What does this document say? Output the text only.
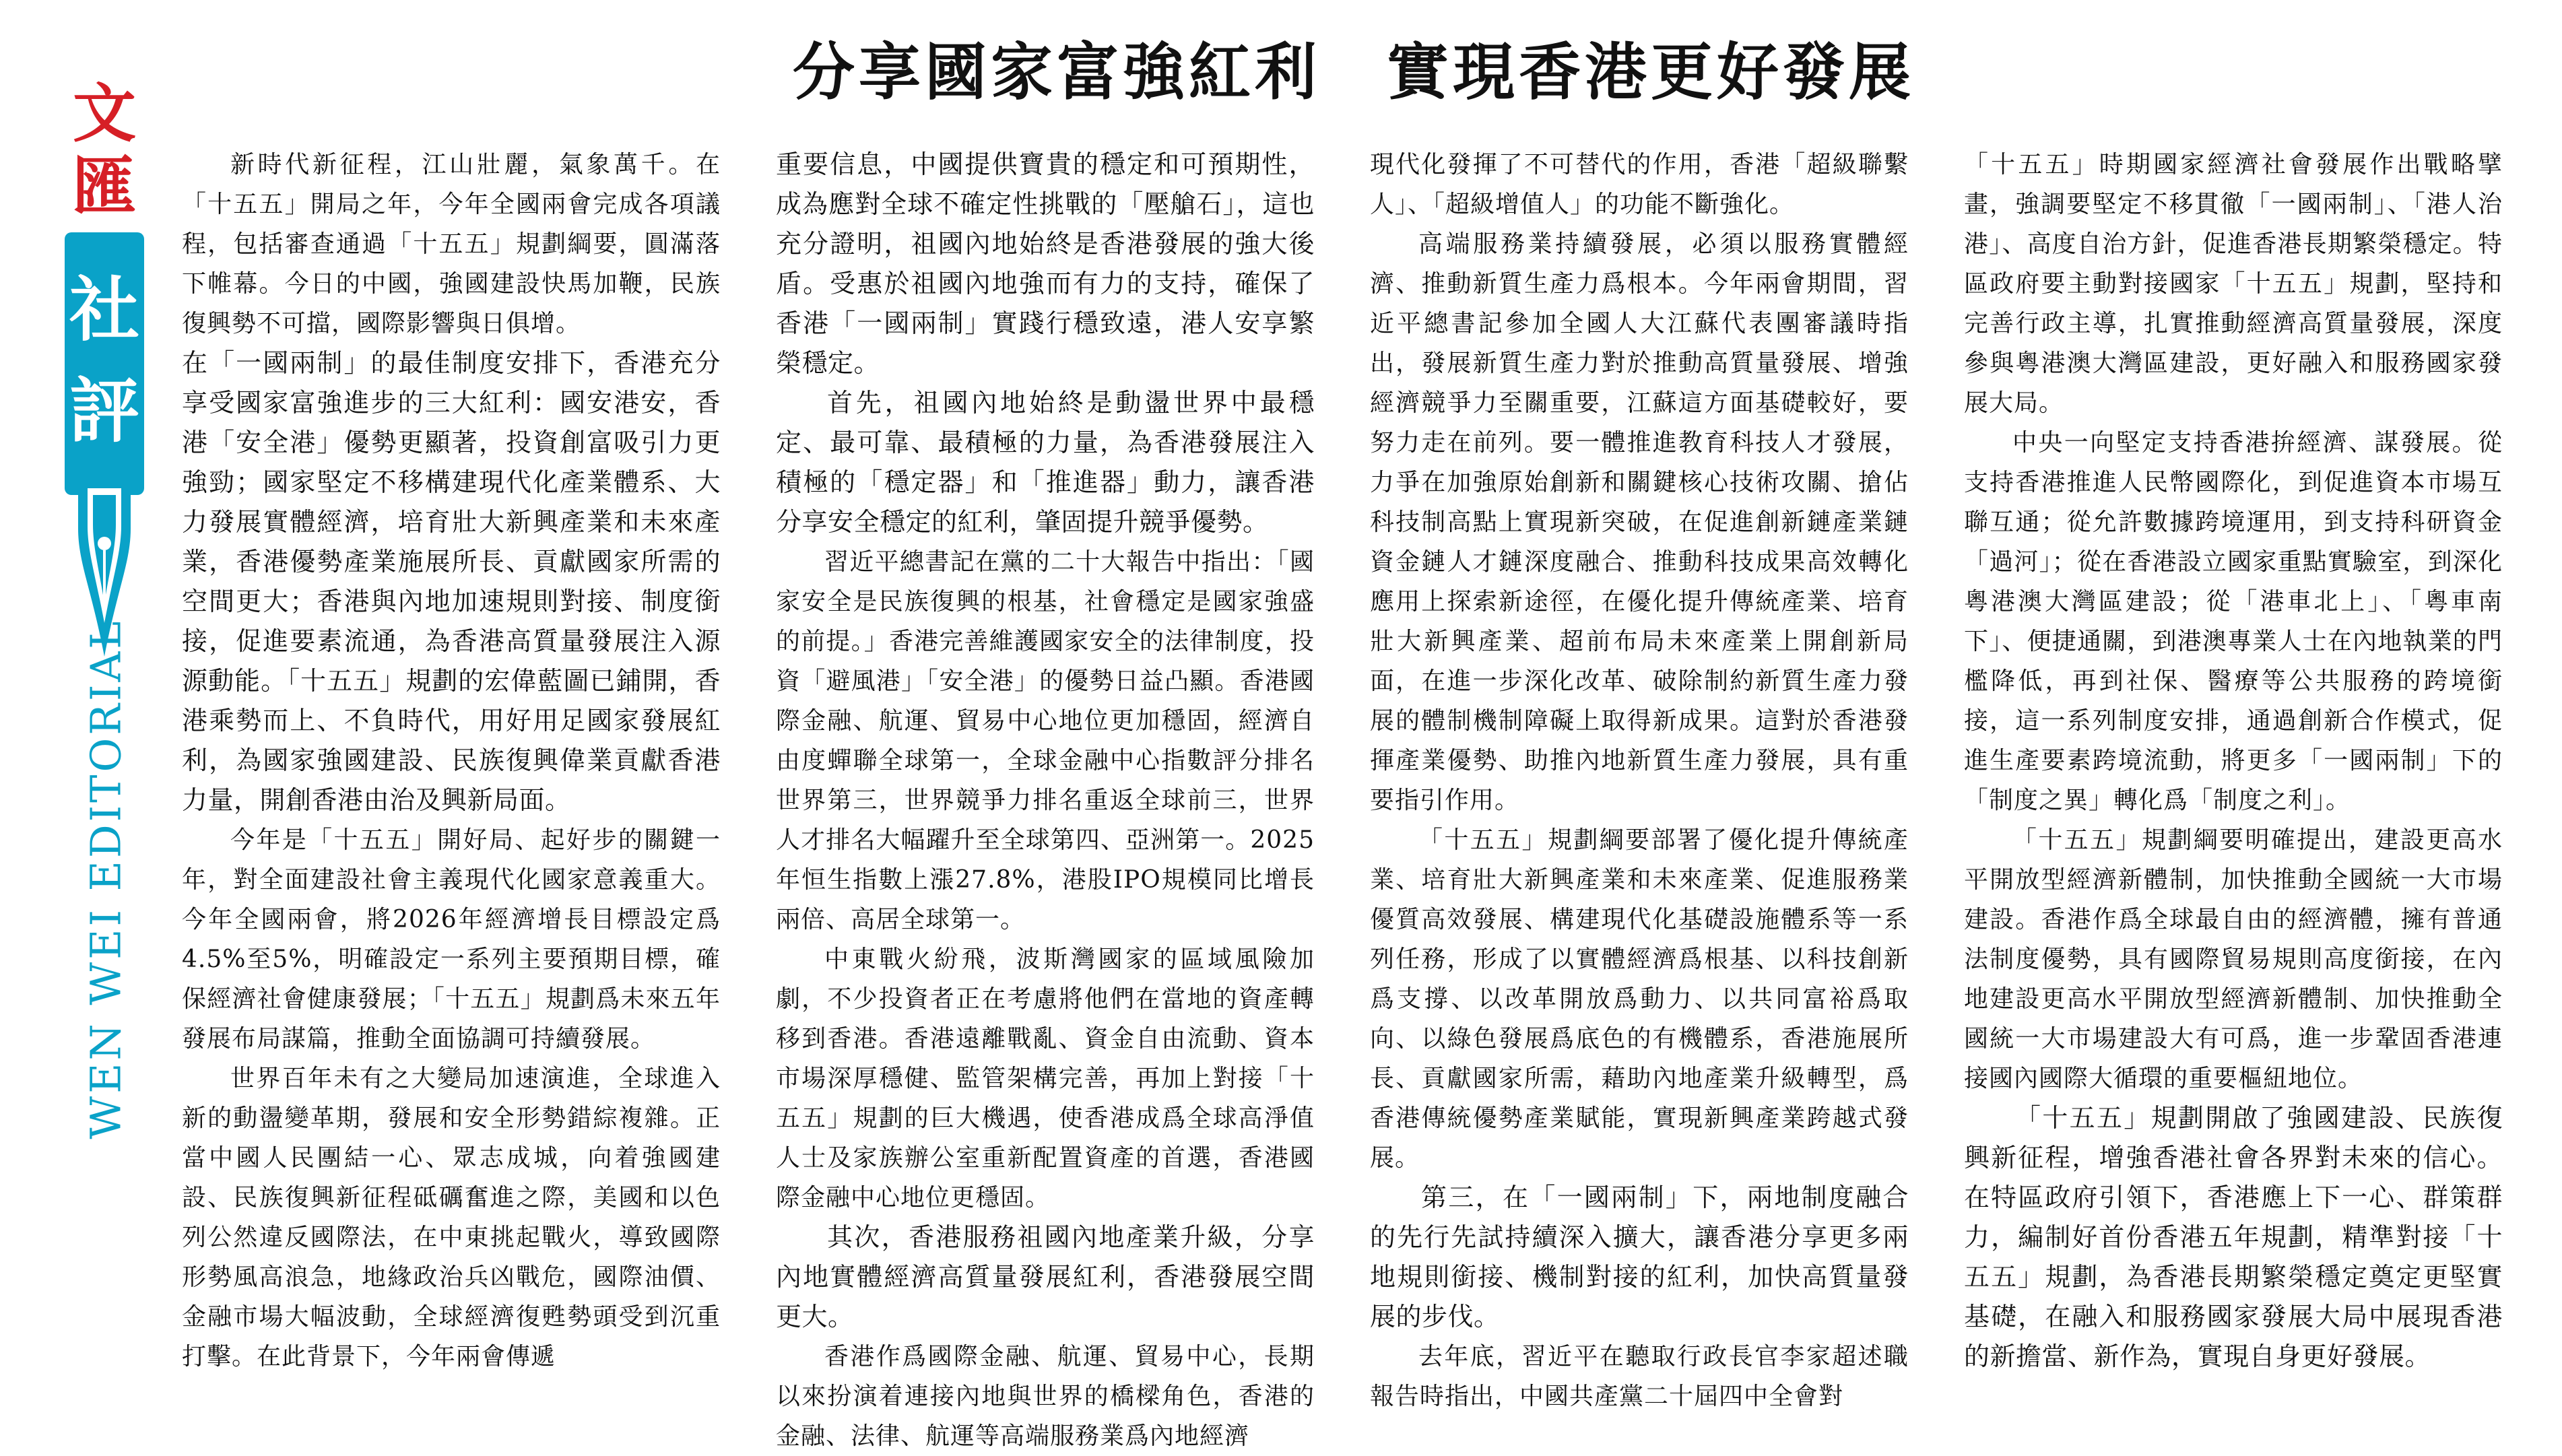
分享國家富強紅利　實現香港更好發展
文
匯
社
評
WEN WEI EDITORIAL

新時代新征程，江山壯麗，氣象萬千。在「十五五」開局之年，今年全國兩會完成各項議程，包括審查通過「十五五」規劃綱要，圓滿落下帷幕。今日的中國，強國建設快馬加鞭，民族復興勢不可擋，國際影響與日俱增。

在「一國兩制」的最佳制度安排下，香港充分享受國家富強進步的三大紅利：國安港安，香港「安全港」優勢更顯著，投資創富吸引力更強勁；國家堅定不移構建現代化產業體系、大力發展實體經濟，培育壯大新興產業和未來產業，香港優勢產業施展所長、貢獻國家所需的空間更大；香港與內地加速規則對接、制度銜接，促進要素流通，為香港高質量發展注入源源動能。「十五五」規劃的宏偉藍圖已鋪開，香港乘勢而上、不負時代，用好用足國家發展紅利，為國家強國建設、民族復興偉業貢獻香港力量，開創香港由治及興新局面。

今年是「十五五」開好局、起好步的關鍵一年，對全面建設社會主義現代化國家意義重大。今年全國兩會，將2026年經濟增長目標設定爲4.5%至5%，明確設定一系列主要預期目標，確保經濟社會健康發展；「十五五」規劃爲未來五年發展布局謀篇，推動全面協調可持續發展。

世界百年未有之大變局加速演進，全球進入新的動盪變革期，發展和安全形勢錯綜複雜。正當中國人民團結一心、眾志成城，向着強國建設、民族復興新征程砥礪奮進之際，美國和以色列公然違反國際法，在中東挑起戰火，導致國際形勢風高浪急，地緣政治兵凶戰危，國際油價、金融市場大幅波動，全球經濟復甦勢頭受到沉重打擊。在此背景下，今年兩會傳遞

重要信息，中國提供寶貴的穩定和可預期性，成為應對全球不確定性挑戰的「壓艙石」，這也充分證明，祖國內地始終是香港發展的強大後盾。受惠於祖國內地強而有力的支持，確保了香港「一國兩制」實踐行穩致遠，港人安享繁榮穩定。

首先，祖國內地始終是動盪世界中最穩定、最可靠、最積極的力量，為香港發展注入積極的「穩定器」和「推進器」動力，讓香港分享安全穩定的紅利，肇固提升競爭優勢。

習近平總書記在黨的二十大報告中指出：「國家安全是民族復興的根基，社會穩定是國家強盛的前提。」香港完善維護國家安全的法律制度，投資「避風港」「安全港」的優勢日益凸顯。香港國際金融、航運、貿易中心地位更加穩固，經濟自由度蟬聯全球第一，全球金融中心指數評分排名世界第三，世界競爭力排名重返全球前三，世界人才排名大幅躍升至全球第四、亞洲第一。2025年恒生指數上漲27.8%，港股IPO規模同比增長兩倍、高居全球第一。

中東戰火紛飛，波斯灣國家的區域風險加劇，不少投資者正在考慮將他們在當地的資產轉移到香港。香港遠離戰亂、資金自由流動、資本市場深厚穩健、監管架構完善，再加上對接「十五五」規劃的巨大機遇，使香港成爲全球高淨值人士及家族辦公室重新配置資產的首選，香港國際金融中心地位更穩固。

其次，香港服務祖國內地產業升級，分享內地實體經濟高質量發展紅利，香港發展空間更大。

香港作爲國際金融、航運、貿易中心，長期以來扮演着連接內地與世界的橋樑角色，香港的金融、法律、航運等高端服務業爲內地經濟

現代化發揮了不可替代的作用，香港「超級聯繫人」、「超級增值人」的功能不斷強化。

高端服務業持續發展，必須以服務實體經濟、推動新質生產力爲根本。今年兩會期間，習近平總書記參加全國人大江蘇代表團審議時指出，發展新質生產力對於推動高質量發展、增強經濟競爭力至關重要，江蘇這方面基礎較好，要努力走在前列。要一體推進教育科技人才發展，力爭在加強原始創新和關鍵核心技術攻關、搶佔科技制高點上實現新突破，在促進創新鏈產業鏈資金鏈人才鏈深度融合、推動科技成果高效轉化應用上探索新途徑，在優化提升傳統產業、培育壯大新興產業、超前布局未來產業上開創新局面，在進一步深化改革、破除制約新質生產力發展的體制機制障礙上取得新成果。這對於香港發揮產業優勢、助推內地新質生產力發展，具有重要指引作用。

「十五五」規劃綱要部署了優化提升傳統產業、培育壯大新興產業和未來產業、促進服務業優質高效發展、構建現代化基礎設施體系等一系列任務，形成了以實體經濟爲根基、以科技創新爲支撐、以改革開放爲動力、以共同富裕爲取向、以綠色發展爲底色的有機體系，香港施展所長、貢獻國家所需，藉助內地產業升級轉型，爲香港傳統優勢產業賦能，實現新興產業跨越式發展。

第三，在「一國兩制」下，兩地制度融合的先行先試持續深入擴大，讓香港分享更多兩地規則銜接、機制對接的紅利，加快高質量發展的步伐。

去年底，習近平在聽取行政長官李家超述職報告時指出，中國共產黨二十屆四中全會對

「十五五」時期國家經濟社會發展作出戰略擘畫，強調要堅定不移貫徹「一國兩制」、「港人治港」、高度自治方針，促進香港長期繁榮穩定。特區政府要主動對接國家「十五五」規劃，堅持和完善行政主導，扎實推動經濟高質量發展，深度參與粵港澳大灣區建設，更好融入和服務國家發展大局。

中央一向堅定支持香港拚經濟、謀發展。從支持香港推進人民幣國際化，到促進資本市場互聯互通；從允許數據跨境運用，到支持科研資金「過河」；從在香港設立國家重點實驗室，到深化粵港澳大灣區建設；從「港車北上」、「粵車南下」、便捷通關，到港澳專業人士在內地執業的門檻降低，再到社保、醫療等公共服務的跨境銜接，這一系列制度安排，通過創新合作模式，促進生產要素跨境流動，將更多「一國兩制」下的「制度之異」轉化爲「制度之利」。

「十五五」規劃綱要明確提出，建設更高水平開放型經濟新體制，加快推動全國統一大市場建設。香港作爲全球最自由的經濟體，擁有普通法制度優勢，具有國際貿易規則高度銜接，在內地建設更高水平開放型經濟新體制、加快推動全國統一大市場建設大有可爲，進一步鞏固香港連接國內國際大循環的重要樞紐地位。

「十五五」規劃開啟了強國建設、民族復興新征程，增強香港社會各界對未來的信心。在特區政府引領下，香港應上下一心、群策群力，編制好首份香港五年規劃，精準對接「十五五」規劃，為香港長期繁榮穩定奠定更堅實基礎，在融入和服務國家發展大局中展現香港的新擔當、新作為，實現自身更好發展。
